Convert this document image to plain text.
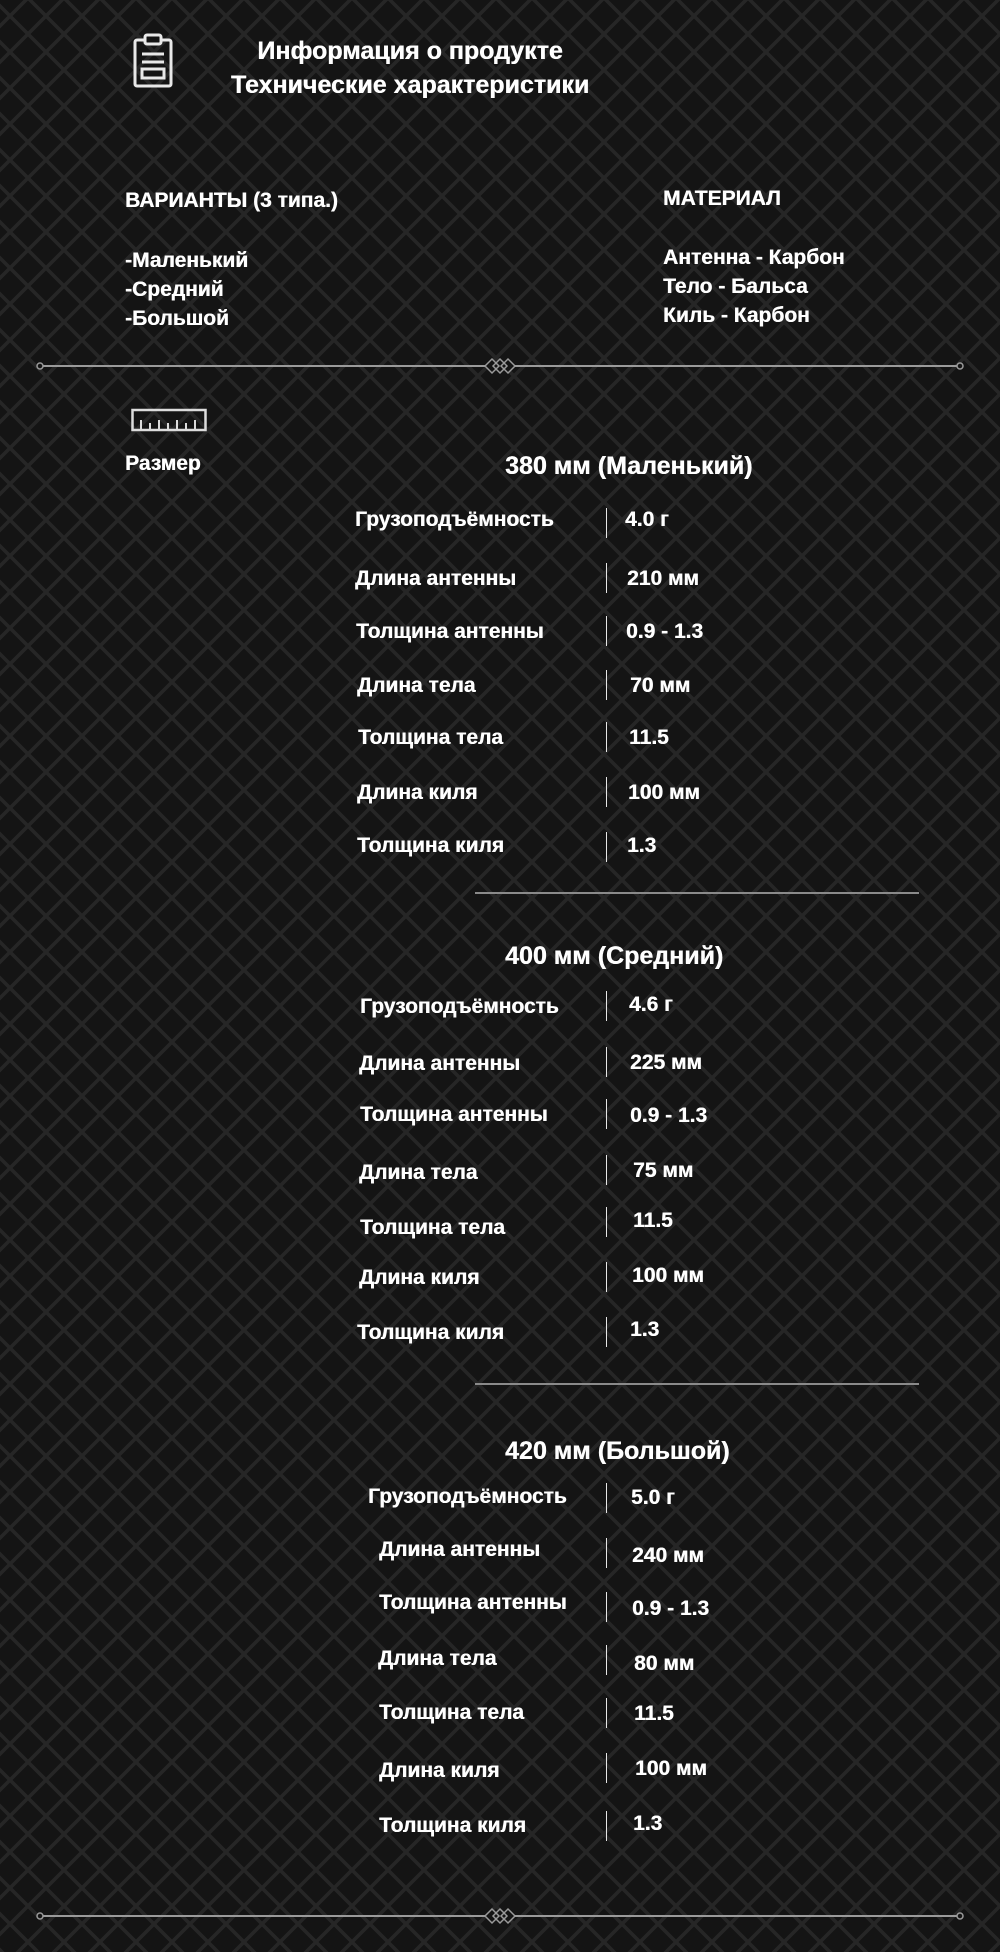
Информация о продукте
Технические характеристики
ВАРИАНТЫ (3 типа.)
-Маленький
-Средний
-Большой
МАТЕРИАЛ
Антенна - Карбон
Тело - Бальса
Киль - Карбон
Размер	380 мм (Маленький)
Грузоподъёмность	4.0 г
Длина антенны	210 мм
Толщина антенны	0.9 - 1.3
Длина тела	70 мм
Толщина тела	11.5
Длина киля	100 мм
Толщина киля	1.3
400 мм (Средний)
Грузоподъёмность	4.6 г
Длина антенны	225 мм
Толщина антенны	0.9 - 1.3
Длина тела	75 мм
Толщина тела	11.5
Длина киля	100 мм
Толщина киля	1.3
420 мм (Большой)
Грузоподъёмность	5.0 г
Длина антенны	240 мм
Толщина антенны	0.9 - 1.3
Длина тела	80 мм
Толщина тела	11.5
Длина киля	100 мм
Толщина киля	1.3
